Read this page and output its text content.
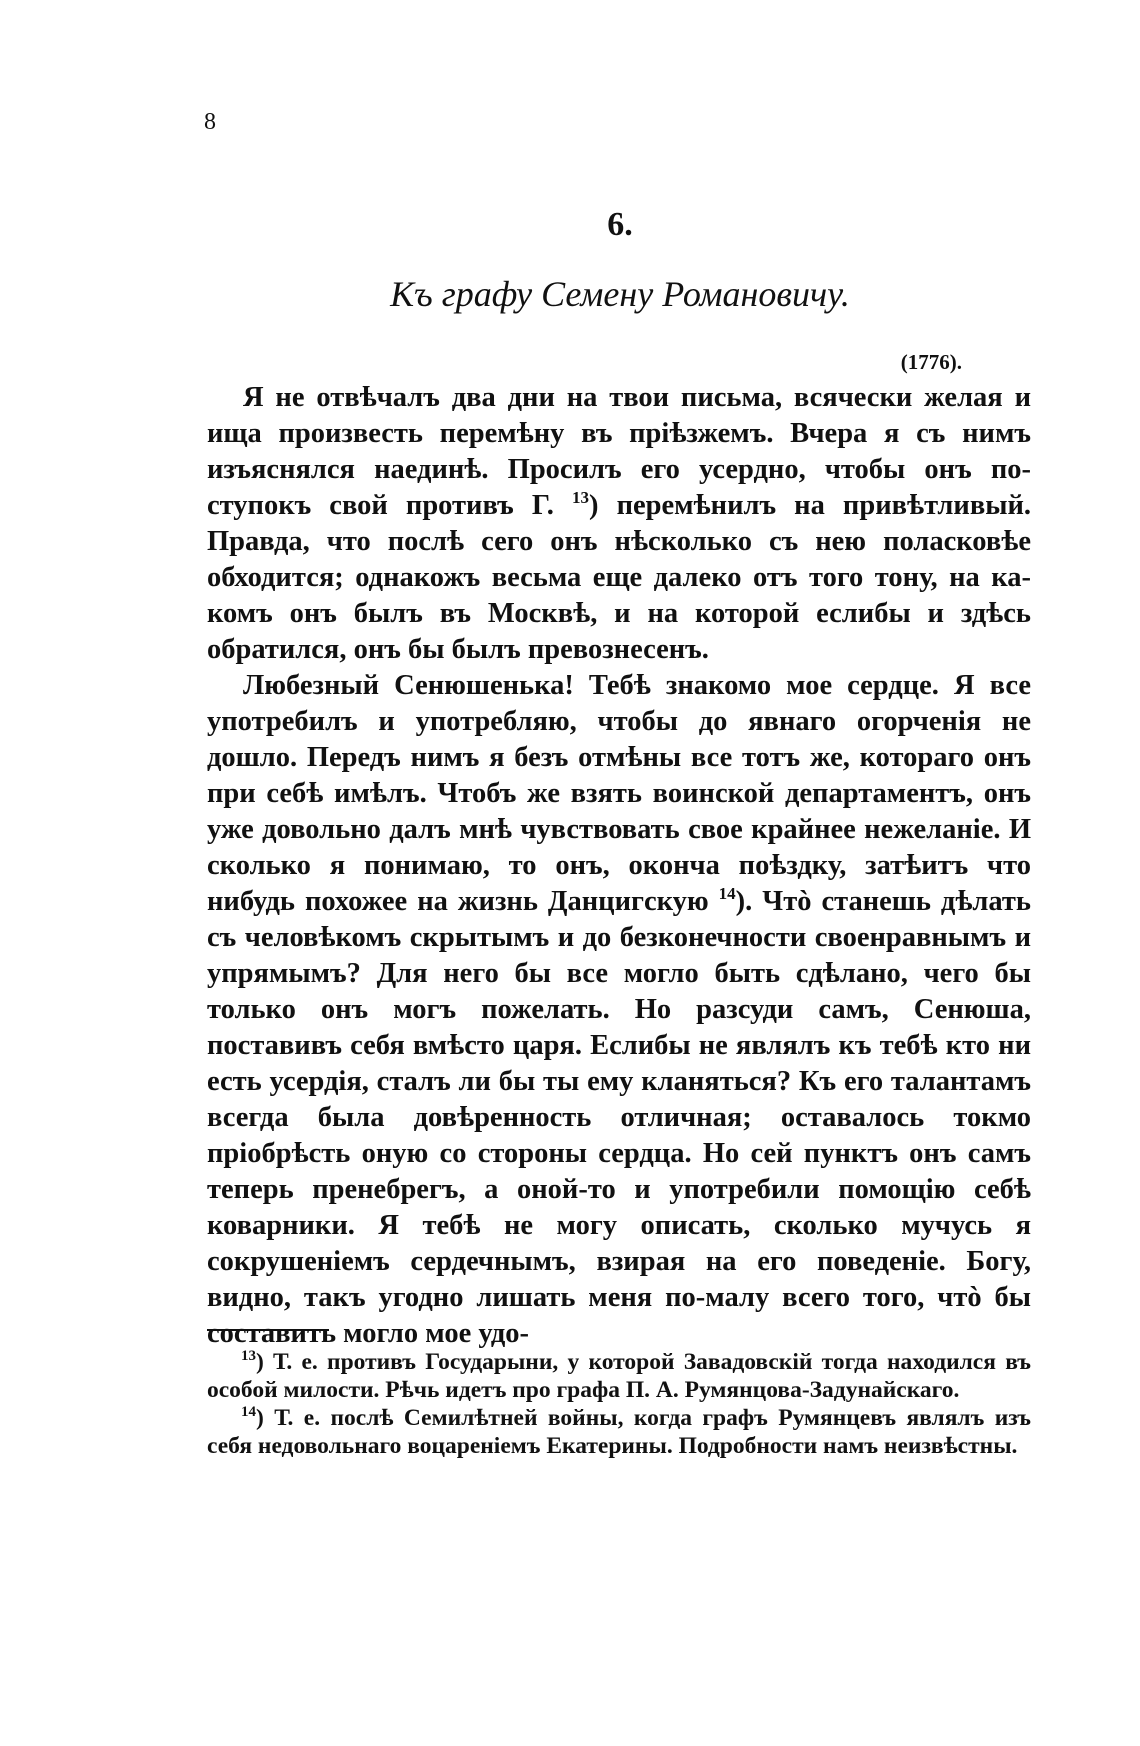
8
6.
Къ графу Семену Романовичу.
(1776).

Я не отвѣчалъ два дни на твои письма, всячески желая и ища произвесть перемѣну въ пріѣзжемъ. Вчера я съ нимъ изъяснялся наединѣ. Просилъ его усердно, чтобы онъ поступокъ свой противъ Г. $^{13}$) перемѣнилъ на привѣтливый. Правда, что послѣ сего онъ нѣсколько съ нею поласковѣе обходится; однакожъ весьма еще далеко отъ того тону, на какомъ онъ былъ въ Москвѣ, и на которой еслибы и здѣсь обратился, онъ бы былъ превознесенъ.

Любезный Сенюшенька! Тебѣ знакомо мое сердце. Я все употребилъ и употребляю, чтобы до явнаго огорченія не дошло. Передъ нимъ я безъ отмѣны все тотъ же, котораго онъ при себѣ имѣлъ. Чтобъ же взять воинской департаментъ, онъ уже довольно далъ мнѣ чувствовать свое крайнее нежеланіе. И сколько я понимаю, то онъ, окончa поѣздку, затѣитъ что нибудь похожее на жизнь Данцигскую $^{14}$). Чтò станешь дѣлать съ человѣкомъ скрытымъ и до безконечности своенравнымъ и упрямымъ? Для него бы все могло быть сдѣлано, чего бы только онъ могъ пожелать. Но разсуди самъ, Сенюша, поставивъ себя вмѣсто царя. Еслибы не являлъ къ тебѣ кто ни есть усердія, сталъ ли бы ты ему кланяться? Къ его талантамъ всегда была довѣренность отличная; оставалось токмо пріобрѣсть оную со стороны сердца. Но сей пунктъ онъ самъ теперь пренебрегъ, а оной-то и употребили помощію себѣ коварники. Я тебѣ не могу описать, сколько мучусь я сокрушеніемъ сердечнымъ, взирая на его поведеніе. Богу, видно, такъ угодно лишать меня по-малу всего того, чтò бы составить могло мое удо-

$^{13}$) Т. е. противъ Государыни, у которой Завадовскій тогда находился въ особой милости. Рѣчь идетъ про графа П. А. Румянцова-Задунайскаго.

$^{14}$) Т. е. послѣ Семилѣтней войны, когда графъ Румянцевъ являлъ изъ себя недовольнаго воцареніемъ Екатерины. Подробности намъ неизвѣстны.
